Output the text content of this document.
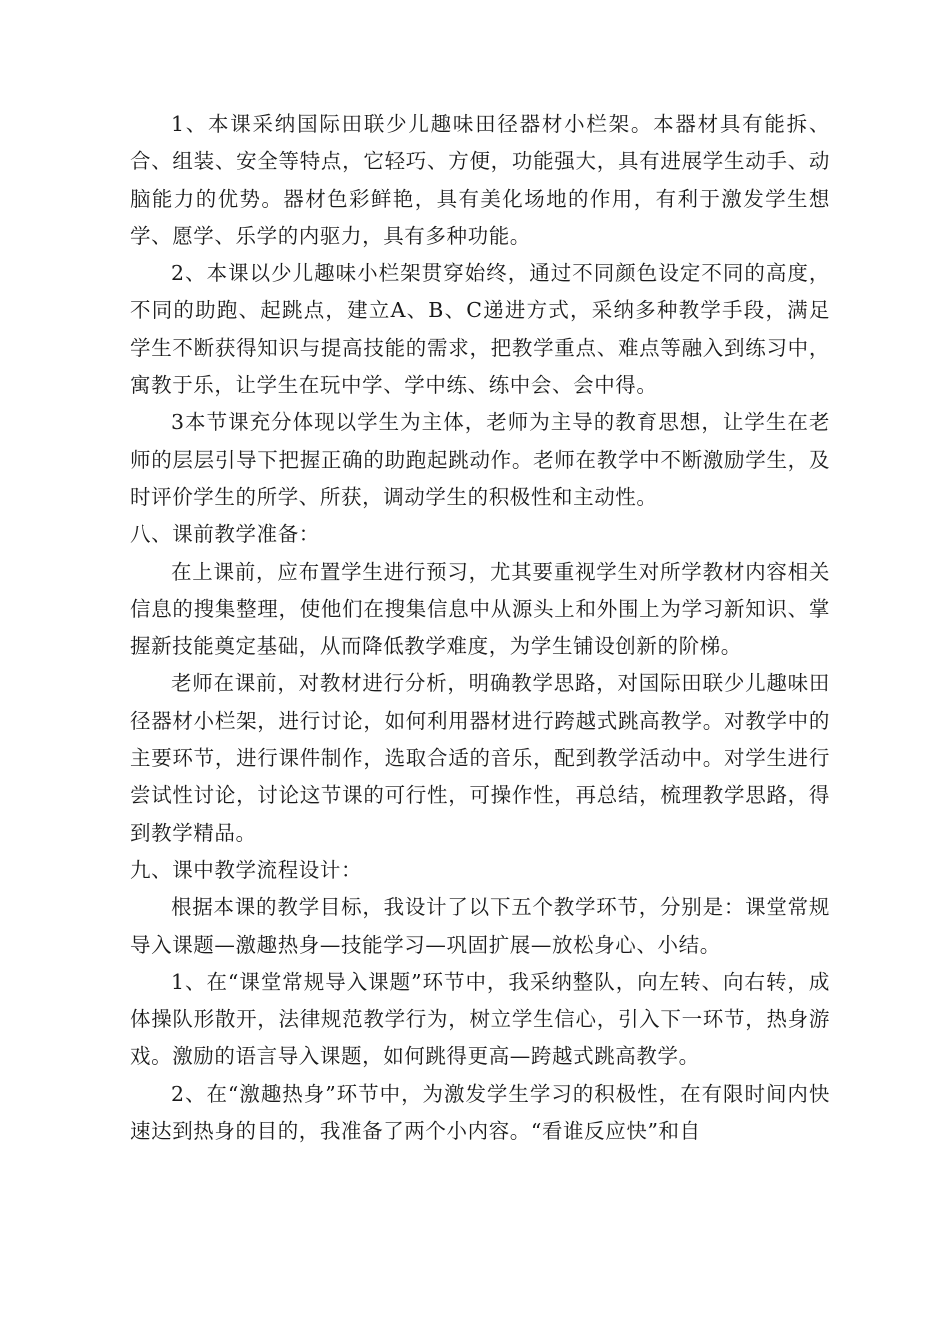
1、本课采纳国际田联少儿趣味田径器材小栏架。本器材具有能拆、合、组装、安全等特点，它轻巧、方便，功能强大，具有进展学生动手、动脑能力的优势。器材色彩鲜艳，具有美化场地的作用，有利于激发学生想学、愿学、乐学的内驱力，具有多种功能。

2、本课以少儿趣味小栏架贯穿始终，通过不同颜色设定不同的高度，不同的助跑、起跳点，建立A、B、C递进方式，采纳多种教学手段，满足学生不断获得知识与提高技能的需求，把教学重点、难点等融入到练习中，寓教于乐，让学生在玩中学、学中练、练中会、会中得。

3本节课充分体现以学生为主体，老师为主导的教育思想，让学生在老师的层层引导下把握正确的助跑起跳动作。老师在教学中不断激励学生，及时评价学生的所学、所获，调动学生的积极性和主动性。

八、课前教学准备：

在上课前，应布置学生进行预习，尤其要重视学生对所学教材内容相关信息的搜集整理，使他们在搜集信息中从源头上和外围上为学习新知识、掌握新技能奠定基础，从而降低教学难度，为学生铺设创新的阶梯。

老师在课前，对教材进行分析，明确教学思路，对国际田联少儿趣味田径器材小栏架，进行讨论，如何利用器材进行跨越式跳高教学。对教学中的主要环节，进行课件制作，选取合适的音乐，配到教学活动中。对学生进行尝试性讨论，讨论这节课的可行性，可操作性，再总结，梳理教学思路，得到教学精品。

九、课中教学流程设计：

根据本课的教学目标，我设计了以下五个教学环节，分别是：课堂常规导入课题—激趣热身—技能学习—巩固扩展—放松身心、小结。

1、在“课堂常规导入课题”环节中，我采纳整队，向左转、向右转，成体操队形散开，法律规范教学行为，树立学生信心，引入下一环节，热身游戏。激励的语言导入课题，如何跳得更高—跨越式跳高教学。

2、在“激趣热身”环节中，为激发学生学习的积极性，在有限时间内快速达到热身的目的，我准备了两个小内容。“看谁反应快”和自
